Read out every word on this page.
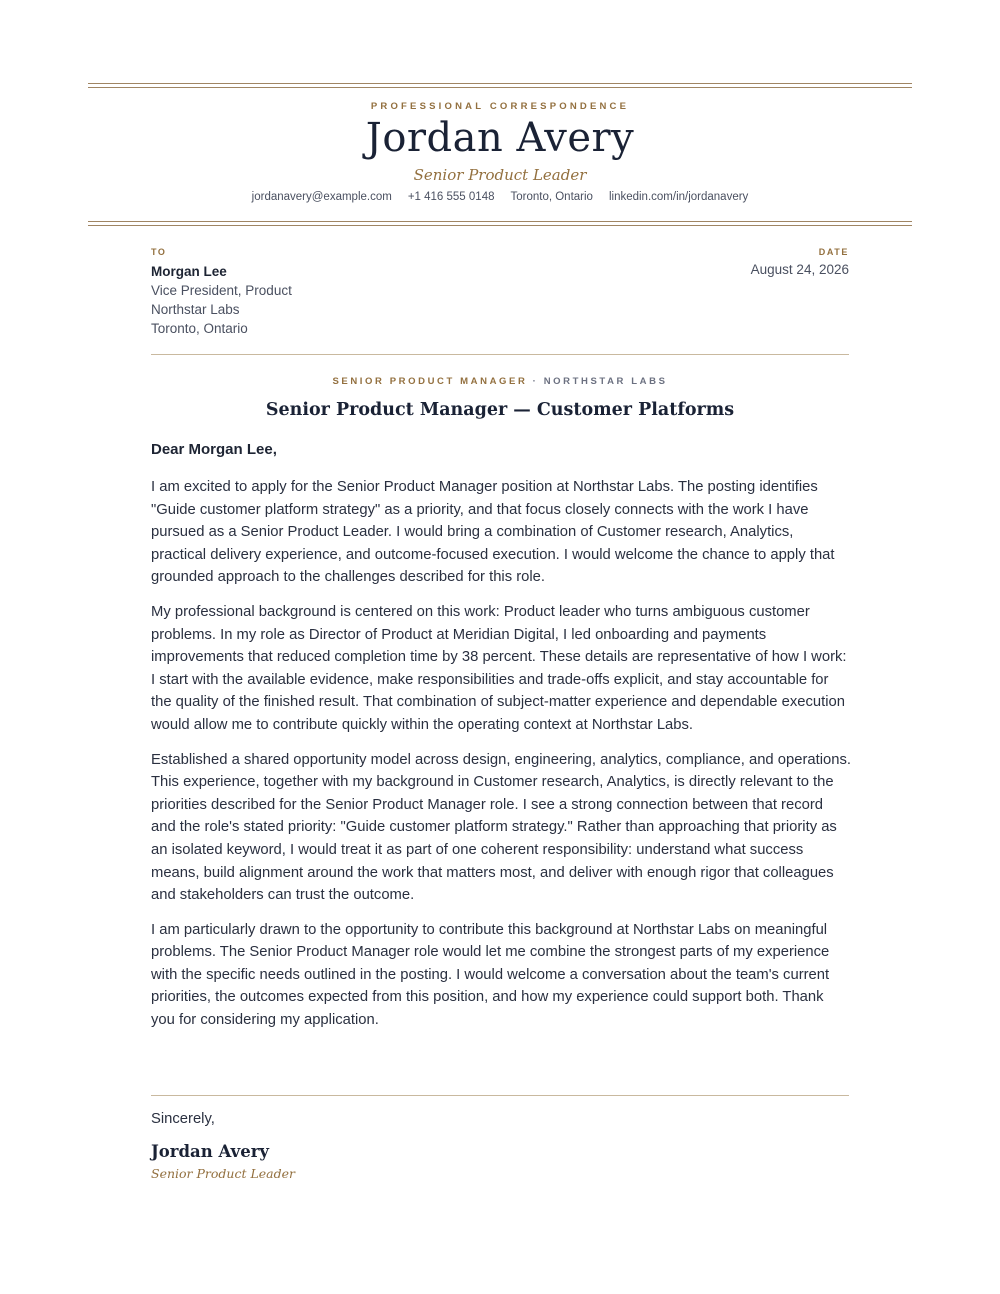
PROFESSIONAL CORRESPONDENCE
Jordan Avery
Senior Product Leader
jordanavery@example.com +1 416 555 0148 Toronto, Ontario linkedin.com/in/jordanavery
TO	DATE
Morgan Lee
Vice President, Product
Northstar Labs
Toronto, Ontario
August 24, 2026
SENIOR PRODUCT MANAGER · NORTHSTAR LABS
Senior Product Manager — Customer Platforms
Dear Morgan Lee,

I am excited to apply for the Senior Product Manager position at Northstar Labs. The posting identifies "Guide customer platform strategy" as a priority, and that focus closely connects with the work I have pursued as a Senior Product Leader. I would bring a combination of Customer research, Analytics, practical delivery experience, and outcome-focused execution. I would welcome the chance to apply that grounded approach to the challenges described for this role.

My professional background is centered on this work: Product leader who turns ambiguous customer problems. In my role as Director of Product at Meridian Digital, I led onboarding and payments improvements that reduced completion time by 38 percent. These details are representative of how I work: I start with the available evidence, make responsibilities and trade-offs explicit, and stay accountable for the quality of the finished result. That combination of subject-matter experience and dependable execution would allow me to contribute quickly within the operating context at Northstar Labs.

Established a shared opportunity model across design, engineering, analytics, compliance, and operations. This experience, together with my background in Customer research, Analytics, is directly relevant to the priorities described for the Senior Product Manager role. I see a strong connection between that record and the role's stated priority: "Guide customer platform strategy." Rather than approaching that priority as an isolated keyword, I would treat it as part of one coherent responsibility: understand what success means, build alignment around the work that matters most, and deliver with enough rigor that colleagues and stakeholders can trust the outcome.

I am particularly drawn to the opportunity to contribute this background at Northstar Labs on meaningful problems. The Senior Product Manager role would let me combine the strongest parts of my experience with the specific needs outlined in the posting. I would welcome a conversation about the team's current priorities, the outcomes expected from this position, and how my experience could support both. Thank you for considering my application.

Sincerely,
Jordan Avery
Senior Product Leader
